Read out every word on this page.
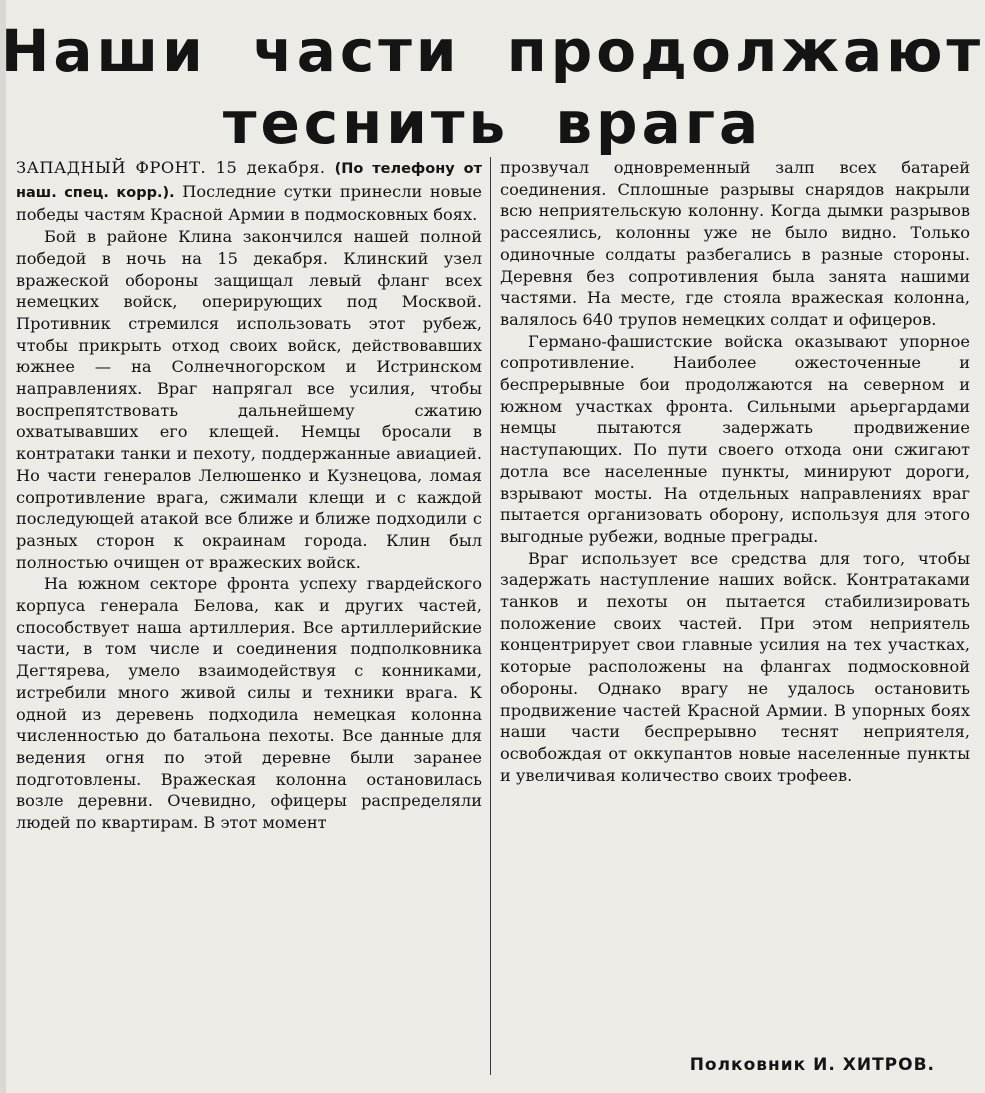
Наши части продолжают
теснить врага

ЗАПАДНЫЙ ФРОНТ. 15 декабря. (По телефону от наш. спец. корр.). Последние сутки принесли новые победы частям Красной Армии в подмосковных боях.

Бой в районе Клина закончился нашей полной победой в ночь на 15 декабря. Клинский узел вражеской обороны защищал левый фланг всех немецких войск, оперирующих под Москвой. Противник стремился использовать этот рубеж, чтобы прикрыть отход своих войск, действовавших южнее — на Солнечногорском и Истринском направлениях. Враг напрягал все усилия, чтобы воспрепятствовать дальнейшему сжатию охватывавших его клещей. Немцы бросали в контратаки танки и пехоту, поддержанные авиацией. Но части генералов Лелюшенко и Кузнецова, ломая сопротивление врага, сжимали клещи и с каждой последующей атакой все ближе и ближе подходили с разных сторон к окраинам города. Клин был полностью очищен от вражеских войск.

На южном секторе фронта успеху гвардейского корпуса генерала Белова, как и других частей, способствует наша артиллерия. Все артиллерийские части, в том числе и соединения подполковника Дегтярева, умело взаимодействуя с конниками, истребили много живой силы и техники врага. К одной из деревень подходила немецкая колонна численностью до батальона пехоты. Все данные для ведения огня по этой деревне были заранее подготовлены. Вражеская колонна остановилась возле деревни. Очевидно, офицеры распределяли людей по квартирам. В этот момент

прозвучал одновременный залп всех батарей соединения. Сплошные разрывы снарядов накрыли всю неприятельскую колонну. Когда дымки разрывов рассеялись, колонны уже не было видно. Только одиночные солдаты разбегались в разные стороны. Деревня без сопротивления была занята нашими частями. На месте, где стояла вражеская колонна, валялось 640 трупов немецких солдат и офицеров.

Германо-фашистские войска оказывают упорное сопротивление. Наиболее ожесточенные и беспрерывные бои продолжаются на северном и южном участках фронта. Сильными арьергардами немцы пытаются задержать продвижение наступающих. По пути своего отхода они сжигают дотла все населенные пункты, минируют дороги, взрывают мосты. На отдельных направлениях враг пытается организовать оборону, используя для этого выгодные рубежи, водные преграды.

Враг использует все средства для того, чтобы задержать наступление наших войск. Контратаками танков и пехоты он пытается стабилизировать положение своих частей. При этом неприятель концентрирует свои главные усилия на тех участках, которые расположены на флангах подмосковной обороны. Однако врагу не удалось остановить продвижение частей Красной Армии. В упорных боях наши части беспрерывно теснят неприятеля, освобождая от оккупантов новые населенные пункты и увеличивая количество своих трофеев.

Полковник И. ХИТРОВ.
